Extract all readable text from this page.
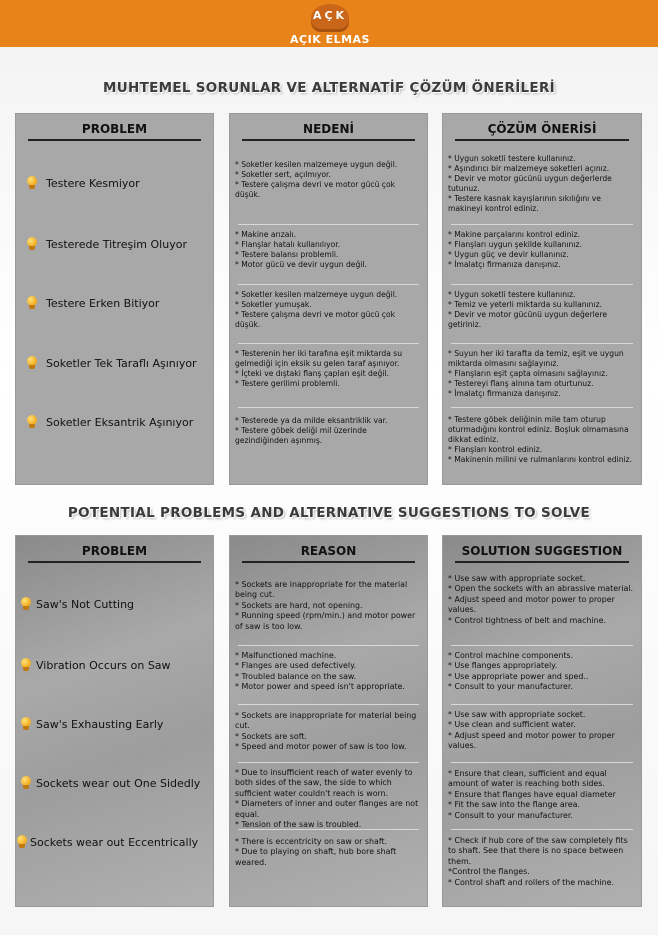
AÇK
AÇIK ELMAS
MUHTEMEL SORUNLAR VE ALTERNATİF ÇÖZÜM ÖNERİLERİ
PROBLEM
Testere Kesmiyor
Testerede Titreşim Oluyor
Testere Erken Bitiyor
Soketler Tek Taraflı Aşınıyor
Soketler Eksantrik Aşınıyor
NEDENİ
* Soketler kesilen malzemeye uygun değil.
* Soketler sert, açılmıyor.
* Testere çalışma devri ve motor gücü çok düşük.
* Makine arızalı.
* Flanşlar hatalı kullanılıyor.
* Testere balansı problemli.
* Motor gücü ve devir uygun değil.
* Soketler kesilen malzemeye uygun değil.
* Soketler yumuşak.
* Testere çalışma devri ve motor gücü çok düşük.
* Testerenin her iki tarafına eşit miktarda su gelmediği için eksik su gelen taraf aşınıyor.
* İçteki ve dıştaki flanş çapları eşit değil.
* Testere gerilimi problemli.
* Testerede ya da milde eksantriklik var.
* Testere göbek deliği mil üzerinde gezindiğinden aşınmış.
ÇÖZÜM ÖNERİSİ
* Uygun soketli testere kullanınız.
* Aşındırıcı bir malzemeye soketleri açınız.
* Devir ve motor gücünü uygun değerlerde tutunuz.
* Testere kasnak kayışlarının sıkılığını ve makineyi kontrol ediniz.
* Makine parçalarını kontrol ediniz.
* Flanşları uygun şekilde kullanınız.
* Uygun güç ve devir kullanınız.
* İmalatçı firmanıza danışınız.
* Uygun soketli testere kullanınız.
* Temiz ve yeterli miktarda su kullanınız.
* Devir ve motor gücünü uygun değerlere getiriniz.
* Suyun her iki tarafta da temiz, eşit ve uygun miktarda olmasını sağlayınız.
* Flanşların eşit çapta olmasını sağlayınız.
* Testereyi flanş alnına tam oturtunuz.
* İmalatçı firmanıza danışınız.
* Testere göbek deliğinin mile tam oturup oturmadığını kontrol ediniz. Boşluk olmamasına dikkat ediniz.
* Flanşları kontrol ediniz.
* Makinenin milini ve rulmanlarını kontrol ediniz.
POTENTIAL PROBLEMS AND ALTERNATIVE SUGGESTIONS TO SOLVE
PROBLEM
Saw's Not Cutting
Vibration Occurs on Saw
Saw's Exhausting Early
Sockets wear out One Sidedly
Sockets wear out Eccentrically
REASON
* Sockets are inappropriate for the material being cut.
* Sockets are hard, not opening.
* Running speed (rpm/min.) and motor power of saw is too low.
* Malfunctioned machine.
* Flanges are used defectively.
* Troubled balance on the saw.
* Motor power and speed isn't appropriate.
* Sockets are inappropriate for material being cut.
* Sockets are soft.
* Speed and motor power of saw is too low.
* Due to insufficient reach of water evenly to both sides of the saw, the side to which sufficient water couldn't reach is worn.
* Diameters of inner and outer flanges are not equal.
* Tension of the saw is troubled.
* There is eccentricity on saw or shaft.
* Due to playing on shaft, hub bore shaft weared.
SOLUTION SUGGESTION
* Use saw with appropriate socket.
* Open the sockets with an abrassive material.
* Adjust speed and motor power to proper values.
* Control tightness of belt and machine.
* Control machine components.
* Use flanges appropriately.
* Use appropriate power and sped..
* Consult to your manufacturer.
* Use saw with appropriate socket.
* Use clean and sufficient water.
* Adjust speed and motor power to proper values.
* Ensure that clean, sufficient and equal amount of water is reaching both sides.
* Ensure that flanges have equal diameter
* Fit the saw into the flange area.
* Consult to your manufacturer.
* Check if hub core of the saw completely fits to shaft. See that there is no space between them.
*Control the flanges.
* Control shaft and rollers of the machine.
